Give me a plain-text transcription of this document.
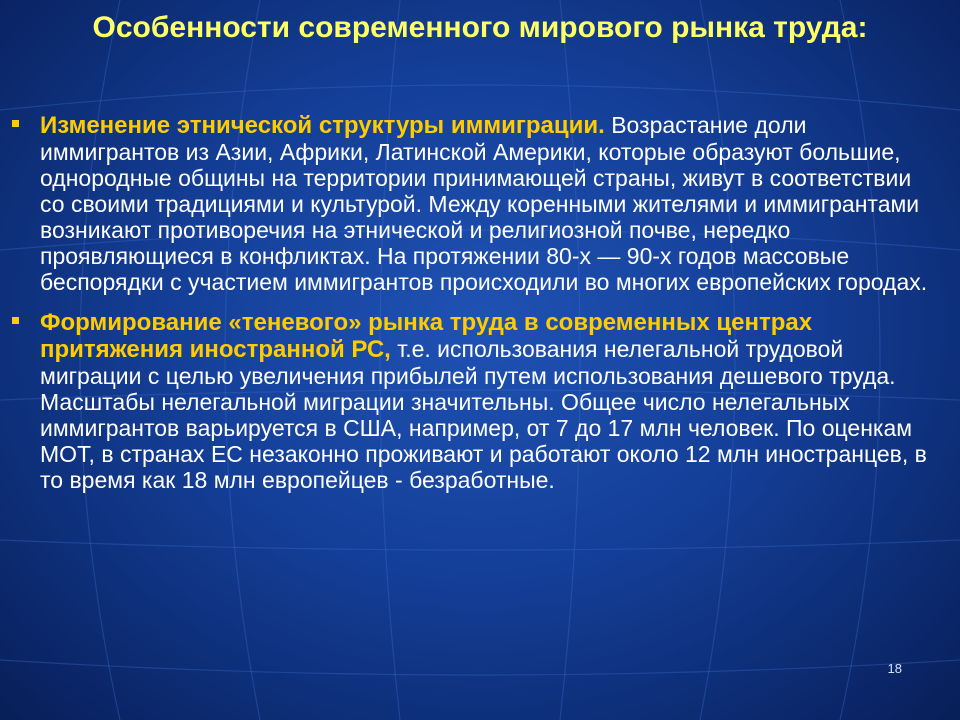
Особенности современного мирового рынка труда:
Изменение этнической структуры иммиграции. Возрастание доли иммигрантов из Азии, Африки, Латинской Америки, которые образуют большие, однородные общины на территории принимающей страны, живут в соответствии со своими традициями и культурой. Между коренными жителями и иммигрантами возникают противоречия на этнической и религиозной почве, нередко проявляющиеся в конфликтах. На протяжении 80-х — 90-х годов массовые беспорядки с участием иммигрантов происходили во многих европейских городах.
Формирование «теневого» рынка труда в современных центрах притяжения иностранной РС, т.е. использования нелегальной трудовой миграции с целью увеличения прибылей путем использования дешевого труда. Масштабы нелегальной миграции значительны. Общее число нелегальных иммигрантов варьируется в США, например, от 7 до 17 млн человек. По оценкам МОТ, в странах ЕС незаконно проживают и работают около 12 млн иностранцев, в то время как 18 млн европейцев - безработные.
18
